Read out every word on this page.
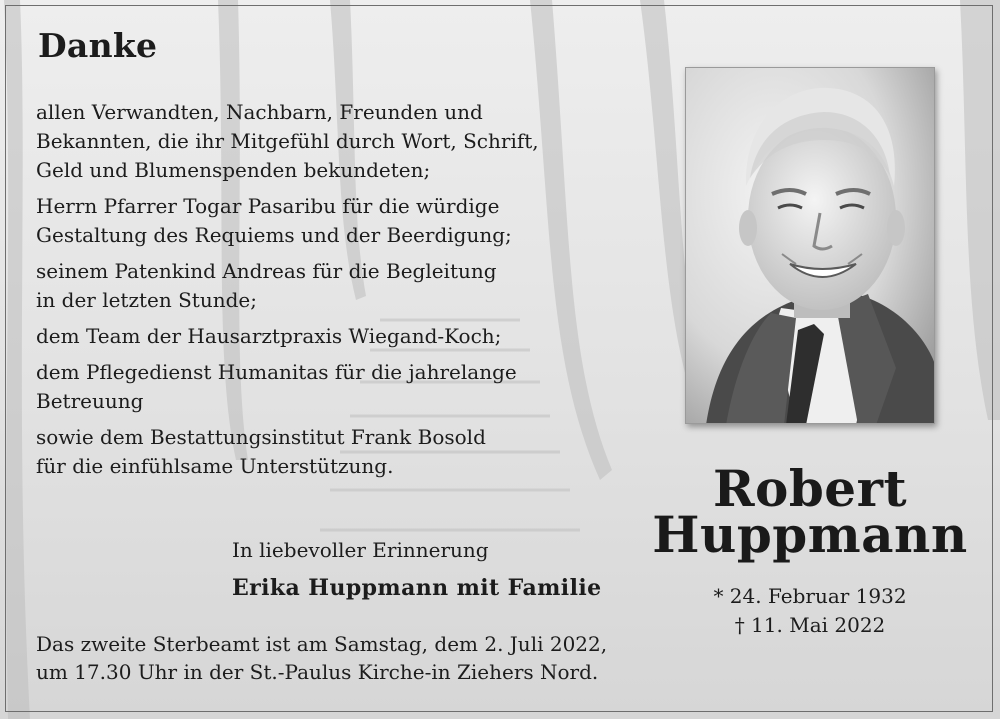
Danke

allen Verwandten, Nachbarn, Freunden und
Bekannten, die ihr Mitgefühl durch Wort, Schrift,
Geld und Blumenspenden bekundeten;

Herrn Pfarrer Togar Pasaribu für die würdige
Gestaltung des Requiems und der Beerdigung;

seinem Patenkind Andreas für die Begleitung
in der letzten Stunde;

dem Team der Hausarztpraxis Wiegand-Koch;

dem Pflegedienst Humanitas für die jahrelange
Betreuung

sowie dem Bestattungsinstitut Frank Bosold
für die einfühlsame Unterstützung.

In liebevoller Erinnerung
Erika Huppmann mit Familie
Das zweite Sterbeamt ist am Samstag, dem 2. Juli 2022,
um 17.30 Uhr in der St.-Paulus Kirche-in Ziehers Nord.
Robert
Huppmann
* 24. Februar 1932
† 11. Mai 2022
